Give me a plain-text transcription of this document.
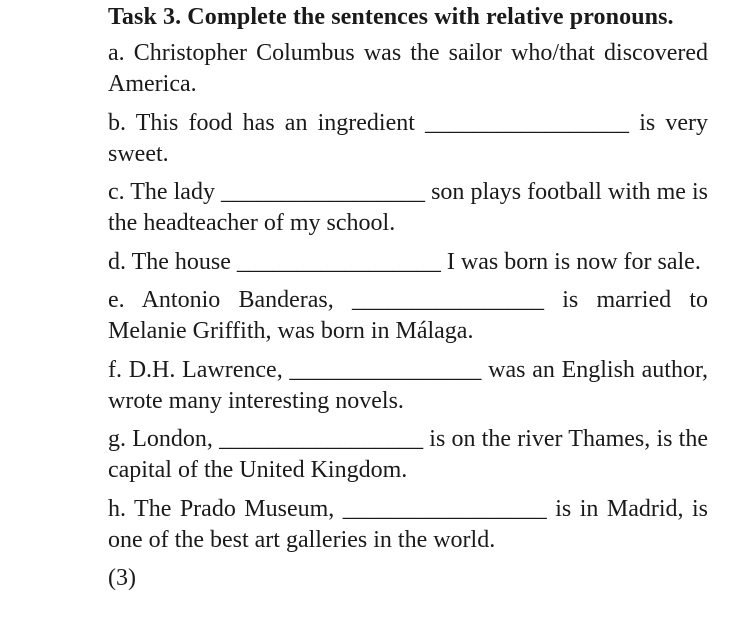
Task 3. Complete the sentences with relative pronouns.
a. Christopher Columbus was the sailor who/that discovered America.
b. This food has an ingredient _________________ is very sweet.
c. The lady _________________ son plays football with me is the headteacher of my school.
d. The house _________________ I was born is now for sale.
e. Antonio Banderas, ________________ is married to Melanie Griffith, was born in Málaga.
f. D.H. Lawrence, ________________ was an English author, wrote many interesting novels.
g. London, _________________ is on the river Thames, is the capital of the United Kingdom.
h. The Prado Museum, _________________ is in Madrid, is one of the best art galleries in the world.
(3)
